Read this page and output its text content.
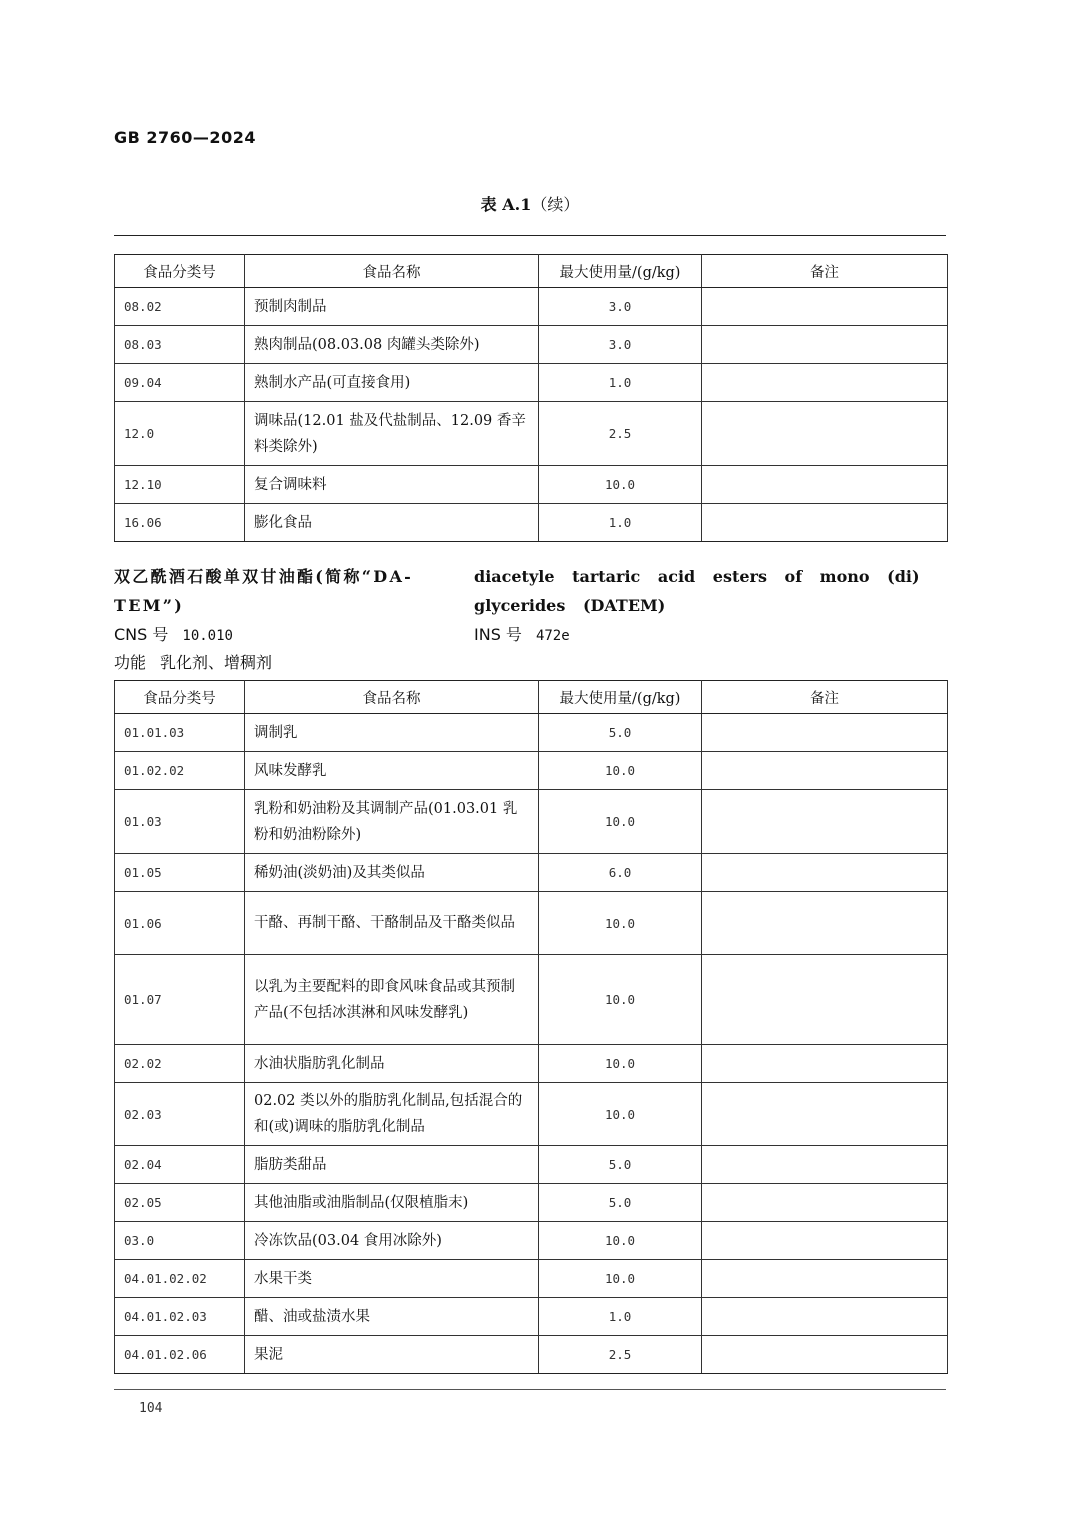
GB 2760—2024
表 A.1（续）
食品分类号	食品名称	最大使用量/(g/kg)	备注
08.02	预制肉制品	3.0	
08.03	熟肉制品(08.03.08 肉罐头类除外)	3.0	
09.04	熟制水产品(可直接食用)	1.0	
12.0	调味品(12.01 盐及代盐制品、12.09 香辛料类除外)	2.5	
12.10	复合调味料	10.0	
16.06	膨化食品	1.0	
双乙酰酒石酸单双甘油酯(简称“DA-TEM”)
diacetyle tartaric acid esters of mono (di) glycerides (DATEM)
CNS 号 10.010	INS 号 472e
功能 乳化剂、增稠剂
食品分类号	食品名称	最大使用量/(g/kg)	备注
01.01.03	调制乳	5.0	
01.02.02	风味发酵乳	10.0	
01.03	乳粉和奶油粉及其调制产品(01.03.01 乳粉和奶油粉除外)	10.0	
01.05	稀奶油(淡奶油)及其类似品	6.0	
01.06	干酪、再制干酪、干酪制品及干酪类似品	10.0	
01.07	以乳为主要配料的即食风味食品或其预制产品(不包括冰淇淋和风味发酵乳)	10.0	
02.02	水油状脂肪乳化制品	10.0	
02.03	02.02 类以外的脂肪乳化制品,包括混合的和(或)调味的脂肪乳化制品	10.0	
02.04	脂肪类甜品	5.0	
02.05	其他油脂或油脂制品(仅限植脂末)	5.0	
03.0	冷冻饮品(03.04 食用冰除外)	10.0	
04.01.02.02	水果干类	10.0	
04.01.02.03	醋、油或盐渍水果	1.0	
04.01.02.06	果泥	2.5	
104
